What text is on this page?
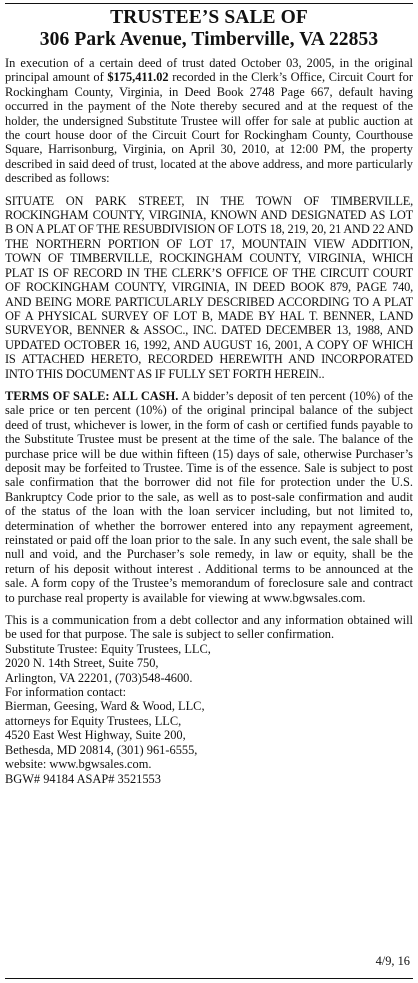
TRUSTEE’S SALE OF
306 Park Avenue, Timberville, VA 22853

In execution of a certain deed of trust dated October 03, 2005, in the original principal amount of $175,411.02 recorded in the Clerk’s Office, Circuit Court for Rockingham County, Virginia, in Deed Book 2748 Page 667, default having occurred in the payment of the Note thereby secured and at the request of the holder, the undersigned Substitute Trustee will offer for sale at public auction at the court house door of the Circuit Court for Rockingham County, Courthouse Square, Harrisonburg, Virginia, on April 30, 2010, at 12:00 PM, the property described in said deed of trust, located at the above address, and more particularly described as follows:

SITUATE ON PARK STREET, IN THE TOWN OF TIMBERVILLE, ROCKINGHAM COUNTY, VIRGINIA, KNOWN AND DESIGNATED AS LOT B ON A PLAT OF THE RESUBDIVISION OF LOTS 18, 219, 20, 21 AND 22 AND THE NORTHERN PORTION OF LOT 17, MOUNTAIN VIEW ADDITION, TOWN OF TIMBERVILLE, ROCKINGHAM COUNTY, VIRGINIA, WHICH PLAT IS OF RECORD IN THE CLERK’S OFFICE OF THE CIRCUIT COURT OF ROCKINGHAM COUNTY, VIRGINIA, IN DEED BOOK 879, PAGE 740, AND BEING MORE PARTICULARLY DESCRIBED ACCORDING TO A PLAT OF A PHYSICAL SURVEY OF LOT B, MADE BY HAL T. BENNER, LAND SURVEYOR, BENNER & ASSOC., INC. DATED DECEMBER 13, 1988, AND UPDATED OCTOBER 16, 1992, AND AUGUST 16, 2001, A COPY OF WHICH IS ATTACHED HERETO, RECORDED HEREWITH AND INCORPORATED INTO THIS DOCUMENT AS IF FULLY SET FORTH HEREIN..

TERMS OF SALE: ALL CASH. A bidder’s deposit of ten percent (10%) of the sale price or ten percent (10%) of the original principal balance of the subject deed of trust, whichever is lower, in the form of cash or certified funds payable to the Substitute Trustee must be present at the time of the sale. The balance of the purchase price will be due within fifteen (15) days of sale, otherwise Purchaser’s deposit may be forfeited to Trustee. Time is of the essence. Sale is subject to post sale confirmation that the borrower did not file for protection under the U.S. Bankruptcy Code prior to the sale, as well as to post-sale confirmation and audit of the status of the loan with the loan servicer including, but not limited to, determination of whether the borrower entered into any repayment agreement, reinstated or paid off the loan prior to the sale. In any such event, the sale shall be null and void, and the Purchaser’s sole remedy, in law or equity, shall be the return of his deposit without interest . Additional terms to be announced at the sale. A form copy of the Trustee’s memorandum of foreclosure sale and contract to purchase real property is available for viewing at www.bgwsales.com.

This is a communication from a debt collector and any information obtained will be used for that purpose. The sale is subject to seller confirmation.

Substitute Trustee: Equity Trustees, LLC,
2020 N. 14th Street, Suite 750,
Arlington, VA 22201, (703)548-4600.
For information contact:
Bierman, Geesing, Ward & Wood, LLC,
attorneys for Equity Trustees, LLC,
4520 East West Highway, Suite 200,
Bethesda, MD 20814, (301) 961-6555,
website: www.bgwsales.com.
BGW# 94184 ASAP# 3521553
4/9, 16
